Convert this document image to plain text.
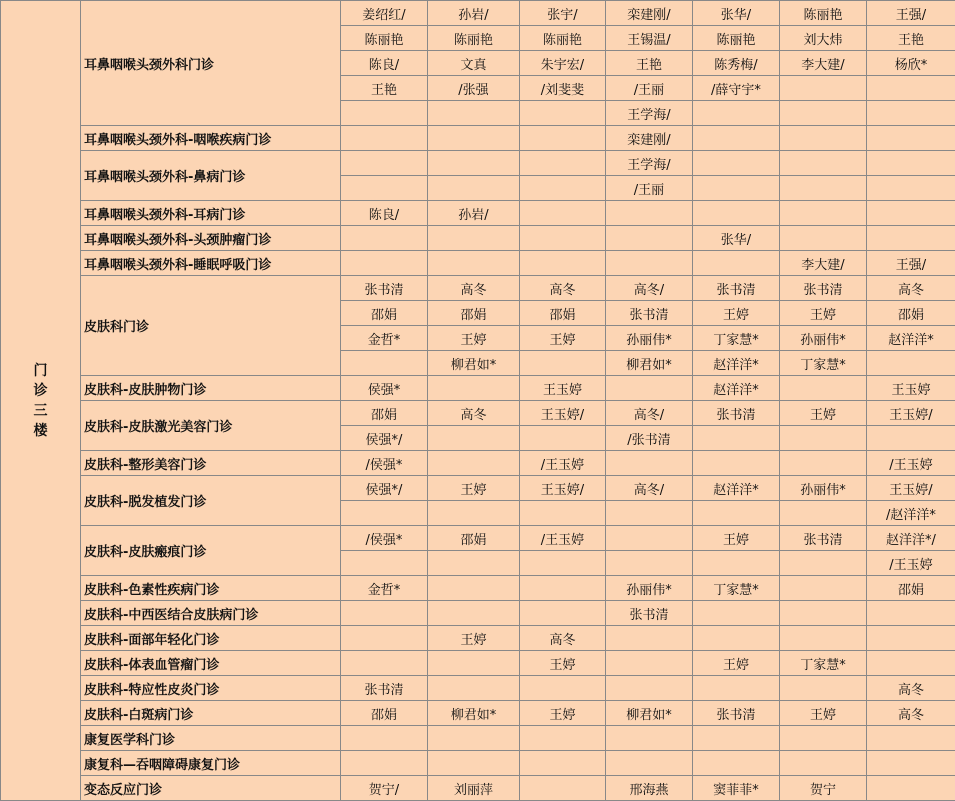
门
诊
三
楼	耳鼻咽喉头颈外科门诊	姜绍红/	孙岩/	张宇/	栾建刚/	张华/	陈丽艳	王强/
		陈丽艳	陈丽艳	陈丽艳	王锡温/	陈丽艳	刘大炜	王艳
		陈良/	文真	朱宇宏/	王艳	陈秀梅/	李大建/	杨欣*
		王艳	/张强	/刘斐斐	/王丽	/薛守宇*		
					王学海/			
	耳鼻咽喉头颈外科-咽喉疾病门诊				栾建刚/			
	耳鼻咽喉头颈外科-鼻病门诊				王学海/			
					/王丽			
	耳鼻咽喉头颈外科-耳病门诊	陈良/	孙岩/					
	耳鼻咽喉头颈外科-头颈肿瘤门诊					张华/		
	耳鼻咽喉头颈外科-睡眠呼吸门诊						李大建/	王强/
	皮肤科门诊	张书清	高冬	高冬	高冬/	张书清	张书清	高冬
		邵娟	邵娟	邵娟	张书清	王婷	王婷	邵娟
		金哲*	王婷	王婷	孙丽伟*	丁家慧*	孙丽伟*	赵洋洋*
			柳君如*		柳君如*	赵洋洋*	丁家慧*	
	皮肤科-皮肤肿物门诊	侯强*		王玉婷		赵洋洋*		王玉婷
	皮肤科-皮肤激光美容门诊	邵娟	高冬	王玉婷/	高冬/	张书清	王婷	王玉婷/
		侯强*/			/张书清			
	皮肤科-整形美容门诊	/侯强*		/王玉婷				/王玉婷
	皮肤科-脱发植发门诊	侯强*/	王婷	王玉婷/	高冬/	赵洋洋*	孙丽伟*	王玉婷/
								/赵洋洋*
	皮肤科-皮肤瘢痕门诊	/侯强*	邵娟	/王玉婷		王婷	张书清	赵洋洋*/
								/王玉婷
	皮肤科-色素性疾病门诊	金哲*			孙丽伟*	丁家慧*		邵娟
	皮肤科-中西医结合皮肤病门诊				张书清			
	皮肤科-面部年轻化门诊		王婷	高冬				
	皮肤科-体表血管瘤门诊			王婷		王婷	丁家慧*	
	皮肤科-特应性皮炎门诊	张书清						高冬
	皮肤科-白斑病门诊	邵娟	柳君如*	王婷	柳君如*	张书清	王婷	高冬
	康复医学科门诊							
	康复科—吞咽障碍康复门诊							
	变态反应门诊	贺宁/	刘丽萍		邢海燕	窦菲菲*	贺宁	
